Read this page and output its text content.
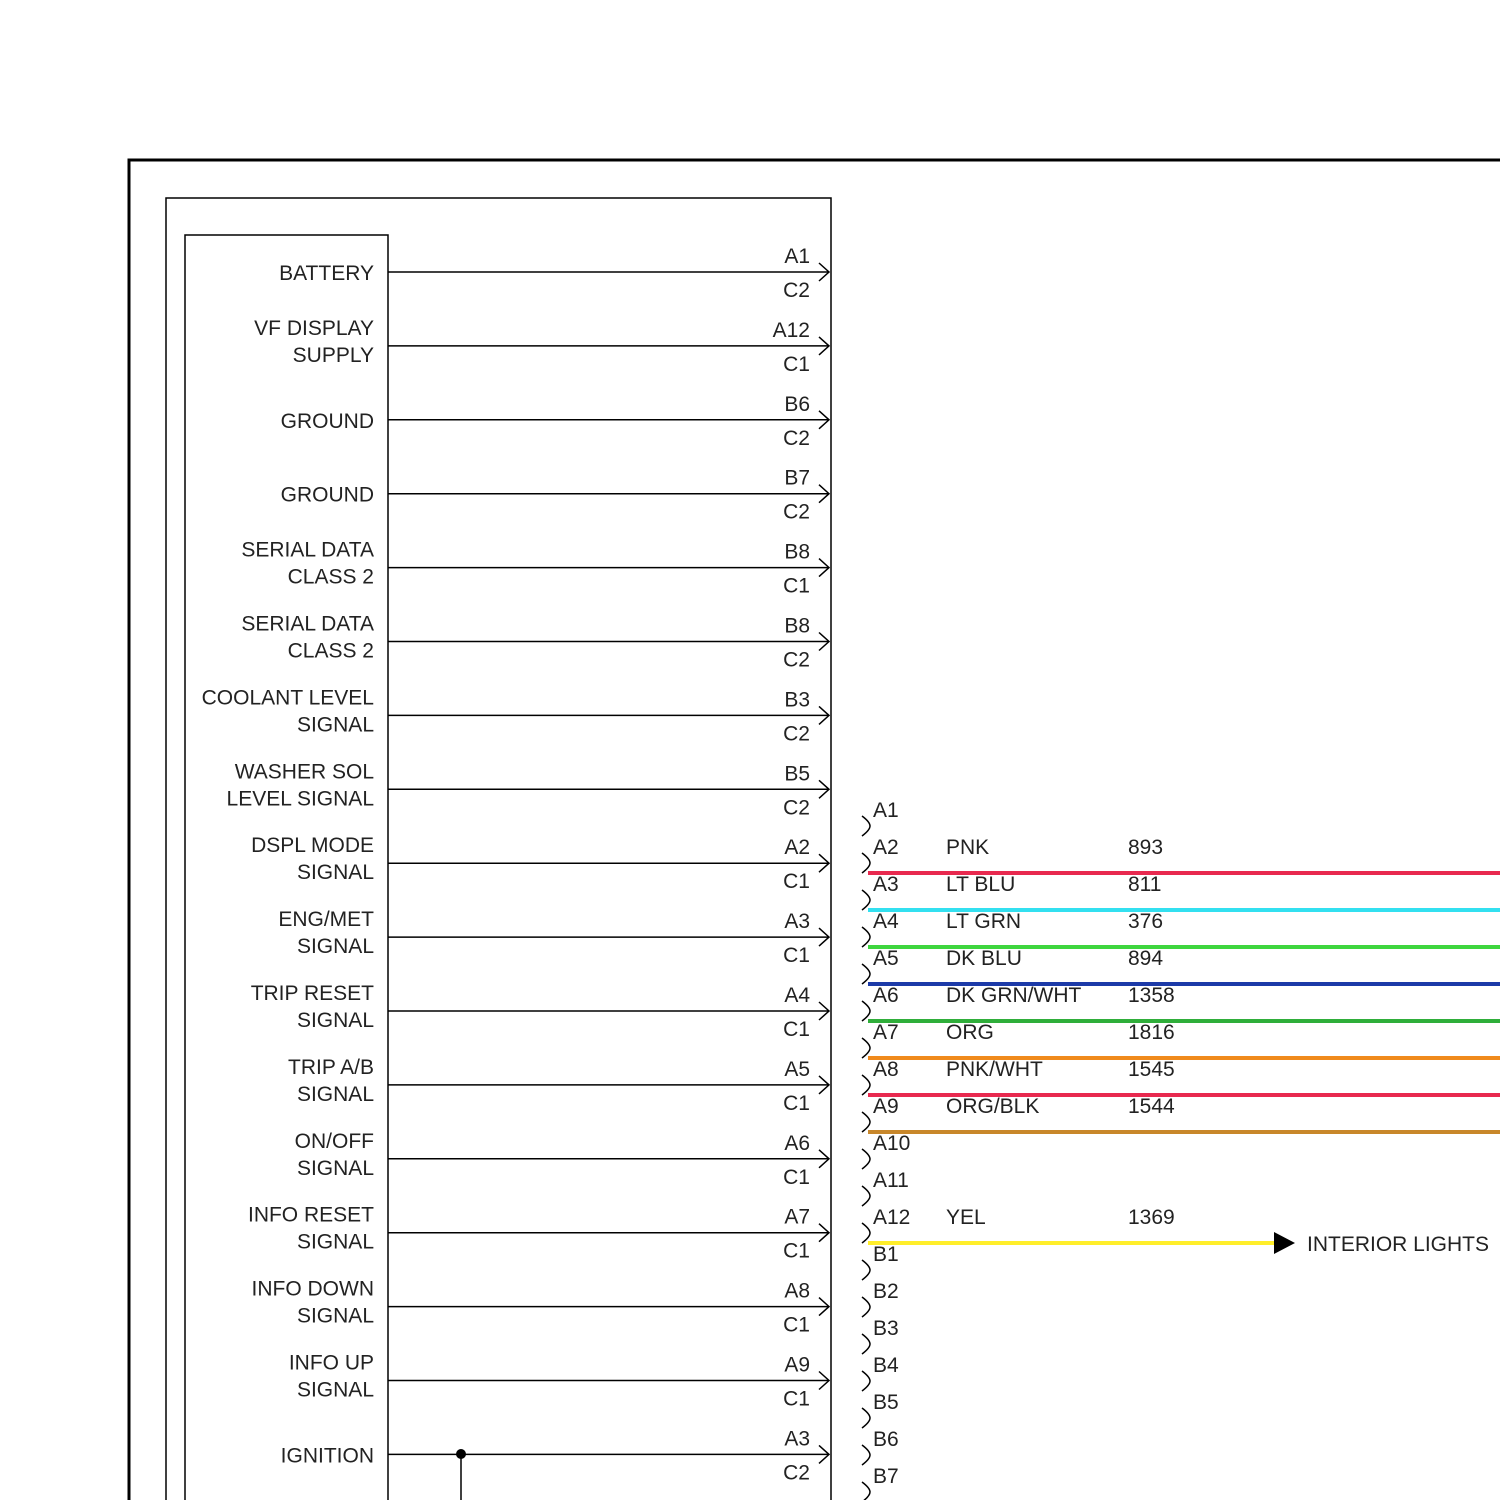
BATTERY
A1
C2
VF DISPLAY
SUPPLY
A12
C1
GROUND
B6
C2
GROUND
B7
C2
SERIAL DATA
CLASS 2
B8
C1
SERIAL DATA
CLASS 2
B8
C2
COOLANT LEVEL
SIGNAL
B3
C2
WASHER SOL
LEVEL SIGNAL
B5
C2
DSPL MODE
SIGNAL
A2
C1
ENG/MET
SIGNAL
A3
C1
TRIP RESET
SIGNAL
A4
C1
TRIP A/B
SIGNAL
A5
C1
ON/OFF
SIGNAL
A6
C1
INFO RESET
SIGNAL
A7
C1
INFO DOWN
SIGNAL
A8
C1
INFO UP
SIGNAL
A9
C1
IGNITION
A3
C2
A1
A2 PNK	893
A3 LT BLU	811
A4 LT GRN	376
A5 DK BLU	894
A6 DK GRN/WHT 1358
A7 ORG	1816
A8 PNK/WHT	1545
A9 ORG/BLK	1544
A10
A11
A12 YEL	1369
INTERIOR LIGHTS
B1
B2
B3
B4
B5
B6
B7
